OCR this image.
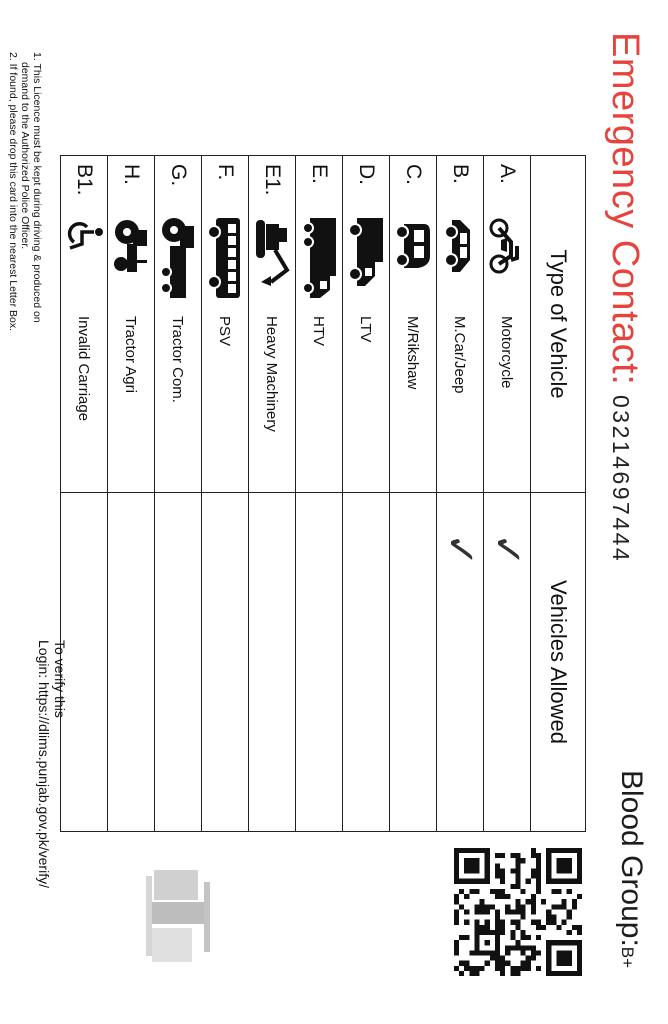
Emergency Contact:
03214697444
Blood Group:B+
Type of Vehicle	Vehicles Allowed

A.
Motorcycle	✓

B.
M.Car/Jeep	✓

C.
M/Rikshaw	

D.
LTV	

E.
HTV	

E1.
Heavy Machinery	

F.
PSV	

G.
Tractor Com.	

H.
Tractor Agri	

B1.
Invalid Carriage	

1. This Licence must be kept during driving & produced on
demand to the Authorized Police Officer.
2. If found, please drop this card into the nearest Letter Box.
To verify this
Login: https://dlims.punjab.gov.pk/verify/
